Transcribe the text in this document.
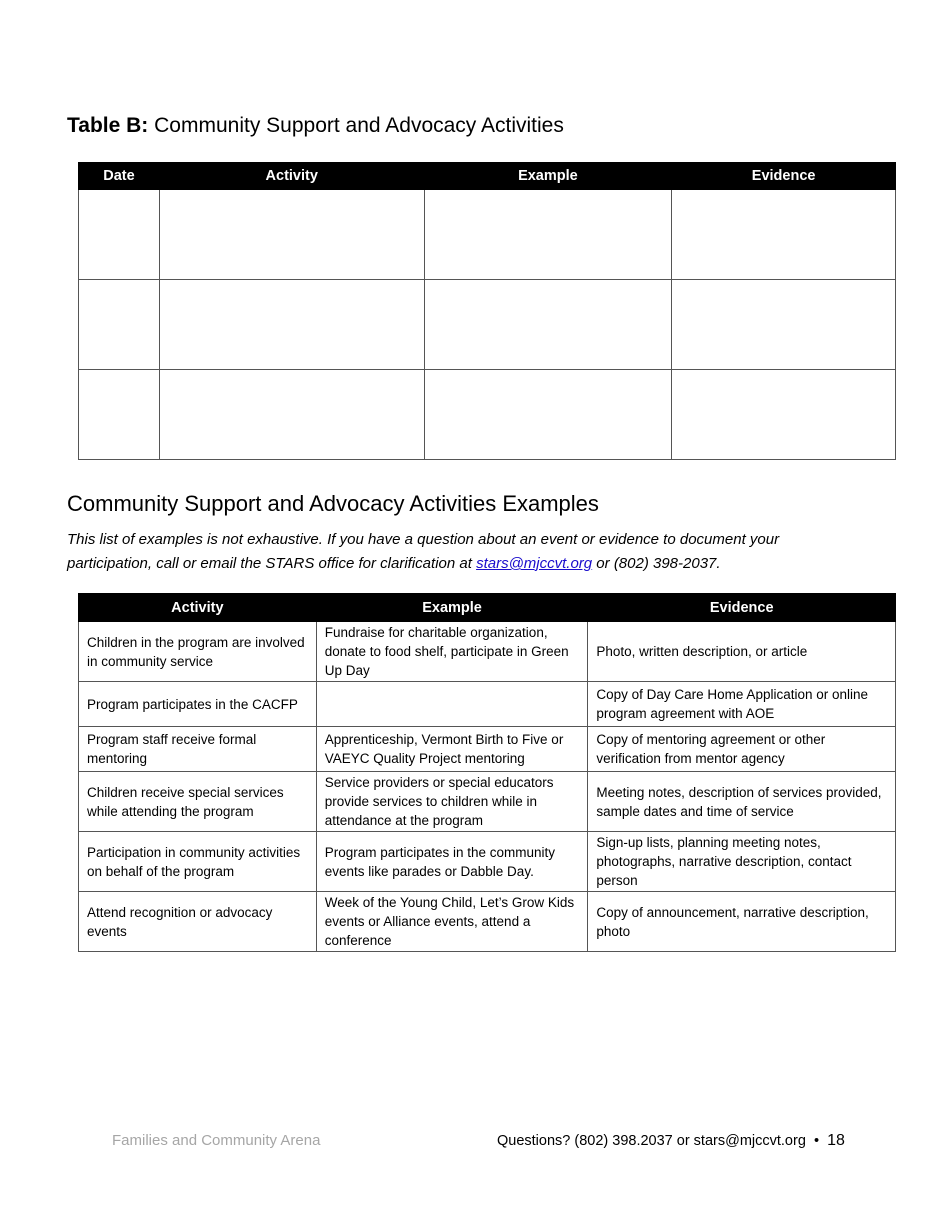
Table B: Community Support and Advocacy Activities
Date	Activity	Example	Evidence

Community Support and Advocacy Activities Examples
This list of examples is not exhaustive. If you have a question about an event or evidence to document your participation, call or email the STARS office for clarification at stars@mjccvt.org or (802) 398-2037.
Activity	Example	Evidence
Children in the program are involved in community service	Fundraise for charitable organization, donate to food shelf, participate in Green Up Day	Photo, written description, or article
Program participates in the CACFP		Copy of Day Care Home Application or online program agreement with AOE
Program staff receive formal mentoring	Apprenticeship, Vermont Birth to Five or VAEYC Quality Project mentoring	Copy of mentoring agreement or other verification from mentor agency
Children receive special services while attending the program	Service providers or special educators provide services to children while in attendance at the program	Meeting notes, description of services provided, sample dates and time of service
Participation in community activities on behalf of the program	Program participates in the community events like parades or Dabble Day.	Sign-up lists, planning meeting notes, photographs, narrative description, contact person
Attend recognition or advocacy events	Week of the Young Child, Let’s Grow Kids events or Alliance events, attend a conference	Copy of announcement, narrative description, photo
Families and Community Arena	Questions? (802) 398.2037 or stars@mjccvt.org • 18
